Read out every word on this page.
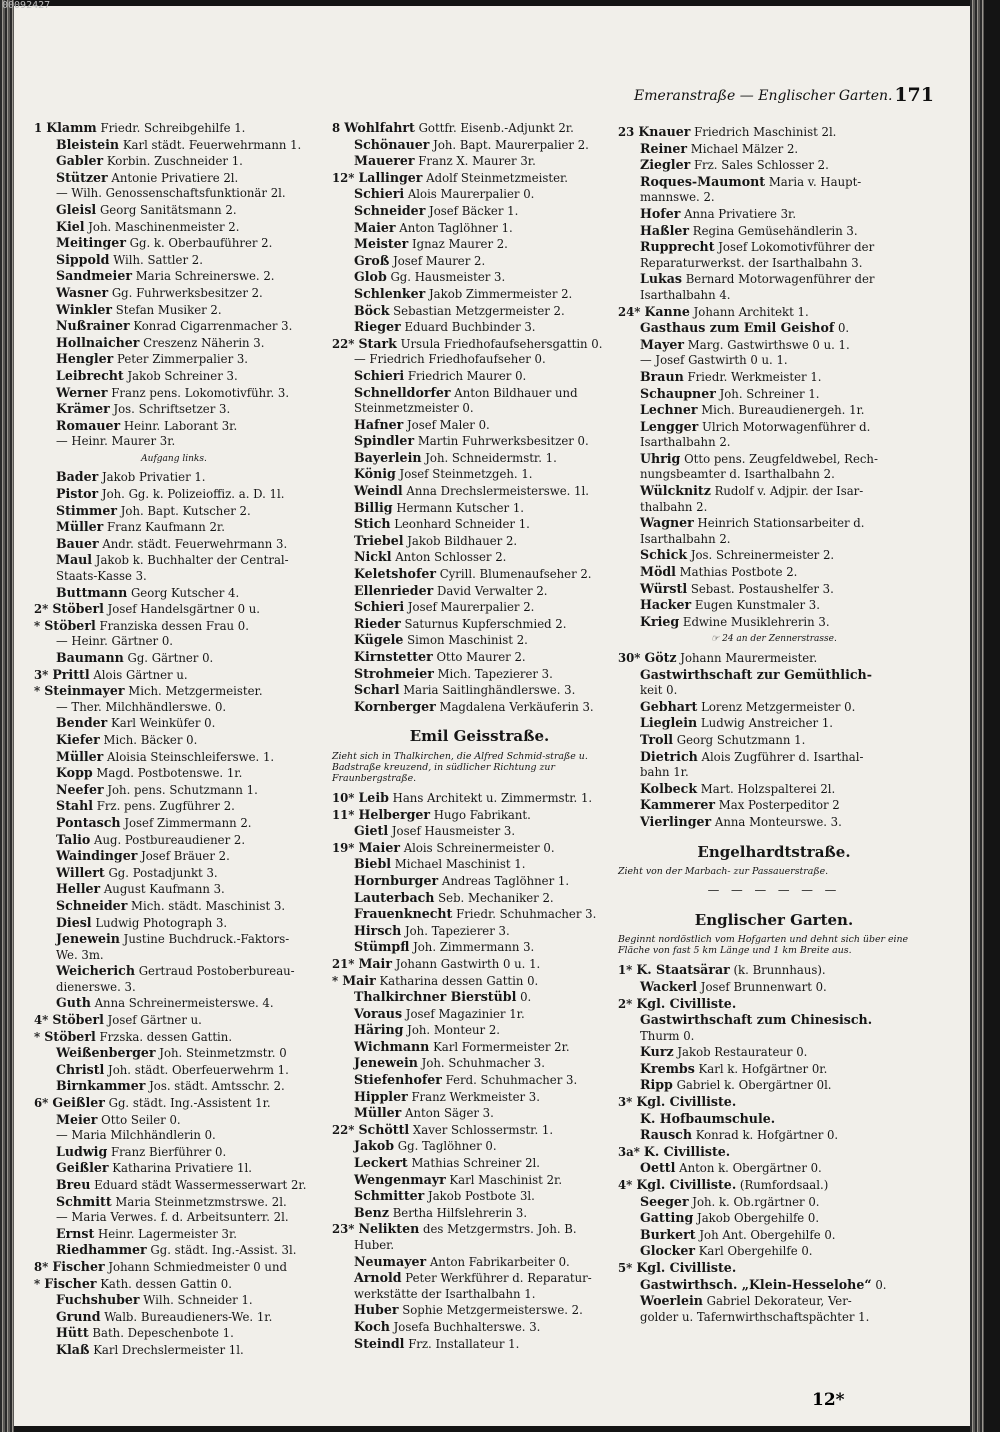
00092427
Emeranstraße — Englischer Garten. 171
1 Klamm Friedr. Schreibgehilfe 1.
Bleistein Karl städt. Feuerwehrmann 1.
Gabler Korbin. Zuschneider 1.
Stützer Antonie Privatiere 2l.
— Wilh. Genossenschaftsfunktionär 2l.
Gleisl Georg Sanitätsmann 2.
Kiel Joh. Maschinenmeister 2.
Meitinger Gg. k. Oberbauführer 2.
Sippold Wilh. Sattler 2.
Sandmeier Maria Schreinerswe. 2.
Wasner Gg. Fuhrwerksbesitzer 2.
Winkler Stefan Musiker 2.
Nußrainer Konrad Cigarrenmacher 3.
Hollnaicher Creszenz Näherin 3.
Hengler Peter Zimmerpalier 3.
Leibrecht Jakob Schreiner 3.
Werner Franz pens. Lokomotivführ. 3.
Krämer Jos. Schriftsetzer 3.
Romauer Heinr. Laborant 3r.
— Heinr. Maurer 3r.
Aufgang links.
Bader Jakob Privatier 1.
Pistor Joh. Gg. k. Polizeioffiz. a. D. 1l.
Stimmer Joh. Bapt. Kutscher 2.
Müller Franz Kaufmann 2r.
Bauer Andr. städt. Feuerwehrmann 3.
Maul Jakob k. Buchhalter der Central-
Staats-Kasse 3.
Buttmann Georg Kutscher 4.
2* Stöberl Josef Handelsgärtner 0 u.
* Stöberl Franziska dessen Frau 0.
— Heinr. Gärtner 0.
Baumann Gg. Gärtner 0.
3* Prittl Alois Gärtner u.
* Steinmayer Mich. Metzgermeister.
— Ther. Milchhändlerswe. 0.
Bender Karl Weinküfer 0.
Kiefer Mich. Bäcker 0.
Müller Aloisia Steinschleiferswe. 1.
Kopp Magd. Postbotenswe. 1r.
Neefer Joh. pens. Schutzmann 1.
Stahl Frz. pens. Zugführer 2.
Pontasch Josef Zimmermann 2.
Talio Aug. Postbureaudiener 2.
Waindinger Josef Bräuer 2.
Willert Gg. Postadjunkt 3.
Heller August Kaufmann 3.
Schneider Mich. städt. Maschinist 3.
Diesl Ludwig Photograph 3.
Jenewein Justine Buchdruck.-Faktors-
We. 3m.
Weicherich Gertraud Postoberbureau-
dienerswe. 3.
Guth Anna Schreinermeisterswe. 4.
4* Stöberl Josef Gärtner u.
* Stöberl Frzska. dessen Gattin.
Weißenberger Joh. Steinmetzmstr. 0
Christl Joh. städt. Oberfeuerwehrm 1.
Birnkammer Jos. städt. Amtsschr. 2.
6* Geißler Gg. städt. Ing.-Assistent 1r.
Meier Otto Seiler 0.
— Maria Milchhändlerin 0.
Ludwig Franz Bierführer 0.
Geißler Katharina Privatiere 1l.
Breu Eduard städt Wassermesserwart 2r.
Schmitt Maria Steinmetzmstrswe. 2l.
— Maria Verwes. f. d. Arbeitsunterr. 2l.
Ernst Heinr. Lagermeister 3r.
Riedhammer Gg. städt. Ing.-Assist. 3l.
8* Fischer Johann Schmiedmeister 0 und
* Fischer Kath. dessen Gattin 0.
Fuchshuber Wilh. Schneider 1.
Grund Walb. Bureaudieners-We. 1r.
Hütt Bath. Depeschenbote 1.
Klaß Karl Drechslermeister 1l.
8 Wohlfahrt Gottfr. Eisenb.-Adjunkt 2r.
Schönauer Joh. Bapt. Maurerpalier 2.
Mauerer Franz X. Maurer 3r.
12* Lallinger Adolf Steinmetzmeister.
Schieri Alois Maurerpalier 0.
Schneider Josef Bäcker 1.
Maier Anton Taglöhner 1.
Meister Ignaz Maurer 2.
Groß Josef Maurer 2.
Glob Gg. Hausmeister 3.
Schlenker Jakob Zimmermeister 2.
Böck Sebastian Metzgermeister 2.
Rieger Eduard Buchbinder 3.
22* Stark Ursula Friedhofaufsehersgattin 0.
— Friedrich Friedhofaufseher 0.
Schieri Friedrich Maurer 0.
Schnelldorfer Anton Bildhauer und
Steinmetzmeister 0.
Hafner Josef Maler 0.
Spindler Martin Fuhrwerksbesitzer 0.
Bayerlein Joh. Schneidermstr. 1.
König Josef Steinmetzgeh. 1.
Weindl Anna Drechslermeisterswe. 1l.
Billig Hermann Kutscher 1.
Stich Leonhard Schneider 1.
Triebel Jakob Bildhauer 2.
Nickl Anton Schlosser 2.
Keletshofer Cyrill. Blumenaufseher 2.
Ellenrieder David Verwalter 2.
Schieri Josef Maurerpalier 2.
Rieder Saturnus Kupferschmied 2.
Kügele Simon Maschinist 2.
Kirnstetter Otto Maurer 2.
Strohmeier Mich. Tapezierer 3.
Scharl Maria Saitlinghändlerswe. 3.
Kornberger Magdalena Verkäuferin 3.
Emil Geisstraße.
Zieht sich in Thalkirchen, die Alfred Schmid-straße u. Badstraße kreuzend, in südlicher Richtung zur Fraunbergstraße.
10* Leib Hans Architekt u. Zimmermstr. 1.
11* Helberger Hugo Fabrikant.
Gietl Josef Hausmeister 3.
19* Maier Alois Schreinermeister 0.
Biebl Michael Maschinist 1.
Hornburger Andreas Taglöhner 1.
Lauterbach Seb. Mechaniker 2.
Frauenknecht Friedr. Schuhmacher 3.
Hirsch Joh. Tapezierer 3.
Stümpfl Joh. Zimmermann 3.
21* Mair Johann Gastwirth 0 u. 1.
* Mair Katharina dessen Gattin 0.
Thalkirchner Bierstübl 0.
Voraus Josef Magazinier 1r.
Häring Joh. Monteur 2.
Wichmann Karl Formermeister 2r.
Jenewein Joh. Schuhmacher 3.
Stiefenhofer Ferd. Schuhmacher 3.
Hippler Franz Werkmeister 3.
Müller Anton Säger 3.
22* Schöttl Xaver Schlossermstr. 1.
Jakob Gg. Taglöhner 0.
Leckert Mathias Schreiner 2l.
Wengenmayr Karl Maschinist 2r.
Schmitter Jakob Postbote 3l.
Benz Bertha Hilfslehrerin 3.
23* Nelikten des Metzgermstrs. Joh. B.
Huber.
Neumayer Anton Fabrikarbeiter 0.
Arnold Peter Werkführer d. Reparatur-
werkstätte der Isarthalbahn 1.
Huber Sophie Metzgermeisterswe. 2.
Koch Josefa Buchhalterswe. 3.
Steindl Frz. Installateur 1.
23 Knauer Friedrich Maschinist 2l.
Reiner Michael Mälzer 2.
Ziegler Frz. Sales Schlosser 2.
Roques-Maumont Maria v. Haupt-
mannswe. 2.
Hofer Anna Privatiere 3r.
Haßler Regina Gemüsehändlerin 3.
Rupprecht Josef Lokomotivführer der
Reparaturwerkst. der Isarthalbahn 3.
Lukas Bernard Motorwagenführer der
Isarthalbahn 4.
24* Kanne Johann Architekt 1.
Gasthaus zum Emil Geishof 0.
Mayer Marg. Gastwirthswe 0 u. 1.
— Josef Gastwirth 0 u. 1.
Braun Friedr. Werkmeister 1.
Schaupner Joh. Schreiner 1.
Lechner Mich. Bureaudienergeh. 1r.
Lengger Ulrich Motorwagenführer d.
Isarthalbahn 2.
Uhrig Otto pens. Zeugfeldwebel, Rech-
nungsbeamter d. Isarthalbahn 2.
Wülcknitz Rudolf v. Adjpir. der Isar-
thalbahn 2.
Wagner Heinrich Stationsarbeiter d.
Isarthalbahn 2.
Schick Jos. Schreinermeister 2.
Mödl Mathias Postbote 2.
Würstl Sebast. Postaushelfer 3.
Hacker Eugen Kunstmaler 3.
Krieg Edwine Musiklehrerin 3.
☞ 24 an der Zennerstrasse.
30* Götz Johann Maurermeister.
Gastwirthschaft zur Gemüthlich-
keit 0.
Gebhart Lorenz Metzgermeister 0.
Lieglein Ludwig Anstreicher 1.
Troll Georg Schutzmann 1.
Dietrich Alois Zugführer d. Isarthal-
bahn 1r.
Kolbeck Mart. Holzspalterei 2l.
Kammerer Max Posterpeditor 2
Vierlinger Anna Monteurswe. 3.
Engelhardtstraße.
Zieht von der Marbach- zur Passauerstraße.
— — — — — —
Englischer Garten.
Beginnt nordöstlich vom Hofgarten und dehnt sich über eine Fläche von fast 5 km Länge und 1 km Breite aus.
1* K. Staatsärar (k. Brunnhaus).
Wackerl Josef Brunnenwart 0.
2* Kgl. Civilliste.
Gastwirthschaft zum Chinesisch.
Thurm 0.
Kurz Jakob Restaurateur 0.
Krembs Karl k. Hofgärtner 0r.
Ripp Gabriel k. Obergärtner 0l.
3* Kgl. Civilliste.
K. Hofbaumschule.
Rausch Konrad k. Hofgärtner 0.
3a* K. Civilliste.
Oettl Anton k. Obergärtner 0.
4* Kgl. Civilliste. (Rumfordsaal.)
Seeger Joh. k. Ob.rgärtner 0.
Gatting Jakob Obergehilfe 0.
Burkert Joh Ant. Obergehilfe 0.
Glocker Karl Obergehilfe 0.
5* Kgl. Civilliste.
Gastwirthsch. „Klein-Hesselohe“ 0.
Woerlein Gabriel Dekorateur, Ver-
golder u. Tafernwirthschaftspächter 1.
12*
